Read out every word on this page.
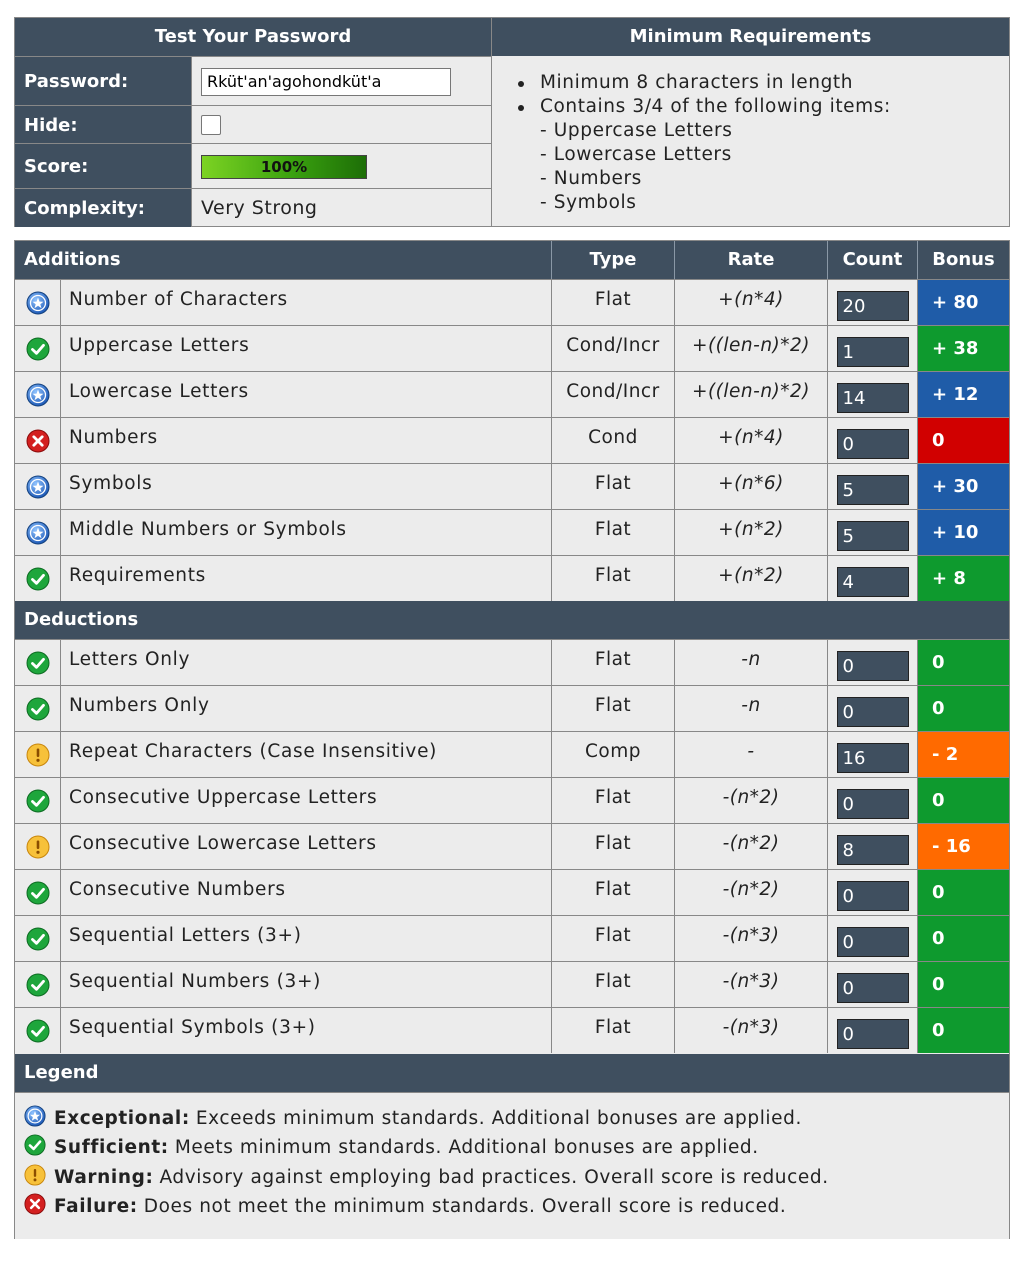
Test Your Password
Password:
Rküt'an'agohondküt'a
Hide:
Score:	100%
Complexity:	Very Strong
Minimum Requirements
Minimum 8 characters in length
Contains 3/4 of the following items:
- Uppercase Letters
- Lowercase Letters
- Numbers
- Symbols
Additions	Type	Rate	Count	Bonus
Number of Characters	Flat	+(n*4)	20	+ 80
Uppercase Letters	Cond/Incr	+((len-n)*2)	1	+ 38
Lowercase Letters	Cond/Incr	+((len-n)*2)	14	+ 12
Numbers	Cond	+(n*4)	0	0
Symbols	Flat	+(n*6)	5	+ 30
Middle Numbers or Symbols	Flat	+(n*2)	5	+ 10
Requirements	Flat	+(n*2)	4	+ 8
Deductions
Letters Only	Flat	-n	0	0
Numbers Only	Flat	-n	0	0
Repeat Characters (Case Insensitive)	Comp	-	16	- 2
Consecutive Uppercase Letters	Flat	-(n*2)	0	0
Consecutive Lowercase Letters	Flat	-(n*2)	8	- 16
Consecutive Numbers	Flat	-(n*2)	0	0
Sequential Letters (3+)	Flat	-(n*3)	0	0
Sequential Numbers (3+)	Flat	-(n*3)	0	0
Sequential Symbols (3+)	Flat	-(n*3)	0	0
Legend
Exceptional: Exceeds minimum standards. Additional bonuses are applied.
Sufficient: Meets minimum standards. Additional bonuses are applied.
Warning: Advisory against employing bad practices. Overall score is reduced.
Failure: Does not meet the minimum standards. Overall score is reduced.
